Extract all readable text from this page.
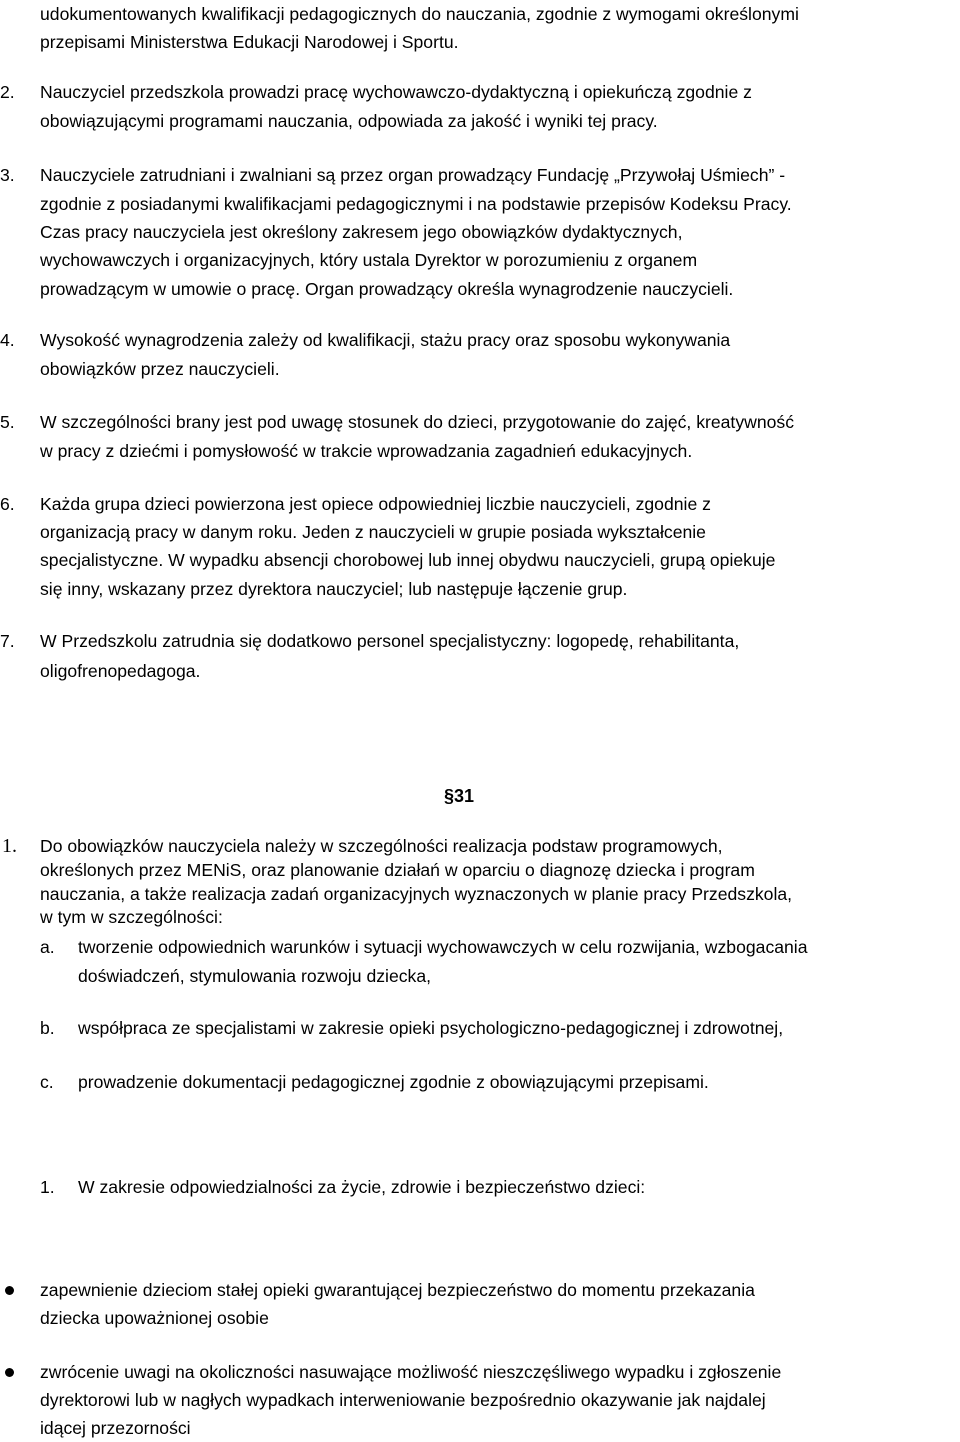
udokumentowanych kwalifikacji pedagogicznych do nauczania, zgodnie z wymogami określonymi
przepisami Ministerstwa Edukacji Narodowej i Sportu.
2. Nauczyciel przedszkola prowadzi pracę wychowawczo-dydaktyczną i opiekuńczą zgodnie z
obowiązującymi programami nauczania, odpowiada za jakość i wyniki tej pracy.
3. Nauczyciele zatrudniani i zwalniani są przez organ prowadzący Fundację „Przywołaj Uśmiech” -
zgodnie z posiadanymi kwalifikacjami pedagogicznymi i na podstawie przepisów Kodeksu Pracy.
Czas pracy nauczyciela jest określony zakresem jego obowiązków dydaktycznych,
wychowawczych i organizacyjnych, który ustala Dyrektor w porozumieniu z organem
prowadzącym w umowie o pracę. Organ prowadzący określa wynagrodzenie nauczycieli.
4. Wysokość wynagrodzenia zależy od kwalifikacji, stażu pracy oraz sposobu wykonywania
obowiązków przez nauczycieli.
5. W szczególności brany jest pod uwagę stosunek do dzieci, przygotowanie do zajęć, kreatywność
w pracy z dziećmi i pomysłowość w trakcie wprowadzania zagadnień edukacyjnych.
6. Każda grupa dzieci powierzona jest opiece odpowiedniej liczbie nauczycieli, zgodnie z
organizacją pracy w danym roku. Jeden z nauczycieli w grupie posiada wykształcenie
specjalistyczne. W wypadku absencji chorobowej lub innej obydwu nauczycieli, grupą opiekuje
się inny, wskazany przez dyrektora nauczyciel; lub następuje łączenie grup.
7. W Przedszkolu zatrudnia się dodatkowo personel specjalistyczny: logopedę, rehabilitanta,
oligofrenopedagoga.
§31
1. Do obowiązków nauczyciela należy w szczególności realizacja podstaw programowych,
określonych przez MENiS, oraz planowanie działań w oparciu o diagnozę dziecka i program
nauczania, a także realizacja zadań organizacyjnych wyznaczonych w planie pracy Przedszkola,
w tym w szczególności:
a. tworzenie odpowiednich warunków i sytuacji wychowawczych w celu rozwijania, wzbogacania
doświadczeń, stymulowania rozwoju dziecka,
b. współpraca ze specjalistami w zakresie opieki psychologiczno-pedagogicznej i zdrowotnej,
c. prowadzenie dokumentacji pedagogicznej zgodnie z obowiązującymi przepisami.
1. W zakresie odpowiedzialności za życie, zdrowie i bezpieczeństwo dzieci:
zapewnienie dzieciom stałej opieki gwarantującej bezpieczeństwo do momentu przekazania
dziecka upoważnionej osobie
zwrócenie uwagi na okoliczności nasuwające możliwość nieszczęśliwego wypadku i zgłoszenie
dyrektorowi lub w nagłych wypadkach interweniowanie bezpośrednio okazywanie jak najdalej
idącej przezorności
